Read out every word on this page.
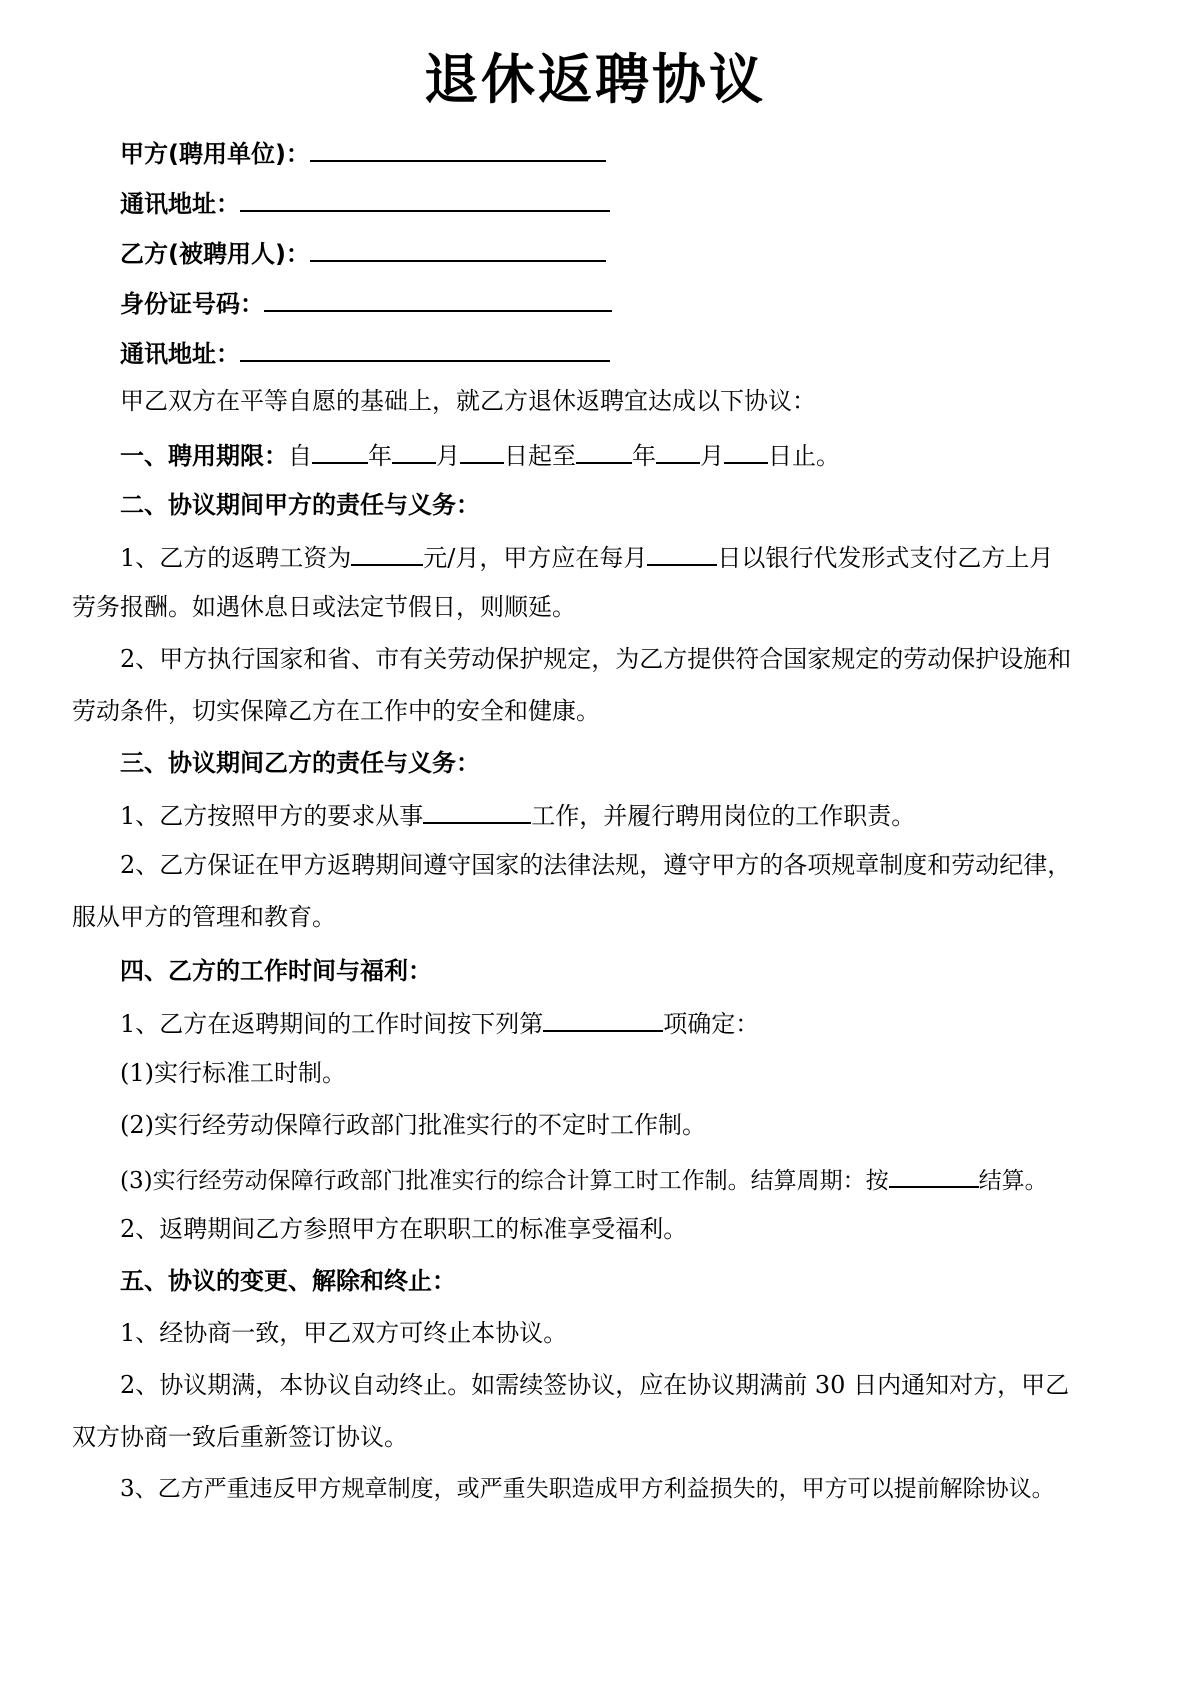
退休返聘协议
甲方(聘用单位)：
通讯地址：
乙方(被聘用人)：
身份证号码：
通讯地址：
甲乙双方在平等自愿的基础上，就乙方退休返聘宜达成以下协议：
一、聘用期限：自 年 月 日起至 年 月 日止。
二、协议期间甲方的责任与义务：
1、乙方的返聘工资为	元/月，甲方应在每月	日以银行代发形式支付乙方上月
劳务报酬。如遇休息日或法定节假日，则顺延。
2、甲方执行国家和省、市有关劳动保护规定，为乙方提供符合国家规定的劳动保护设施和
劳动条件，切实保障乙方在工作中的安全和健康。
三、协议期间乙方的责任与义务：
1、乙方按照甲方的要求从事	工作，并履行聘用岗位的工作职责。
2、乙方保证在甲方返聘期间遵守国家的法律法规，遵守甲方的各项规章制度和劳动纪律，
服从甲方的管理和教育。
四、乙方的工作时间与福利：
1、乙方在返聘期间的工作时间按下列第	项确定：
(1)实行标准工时制。
(2)实行经劳动保障行政部门批准实行的不定时工作制。
(3)实行经劳动保障行政部门批准实行的综合计算工时工作制。结算周期：按	结算。
2、返聘期间乙方参照甲方在职职工的标准享受福利。
五、协议的变更、解除和终止：
1、经协商一致，甲乙双方可终止本协议。
2、协议期满，本协议自动终止。如需续签协议，应在协议期满前 30 日内通知对方，甲乙
双方协商一致后重新签订协议。
3、乙方严重违反甲方规章制度，或严重失职造成甲方利益损失的，甲方可以提前解除协议。
